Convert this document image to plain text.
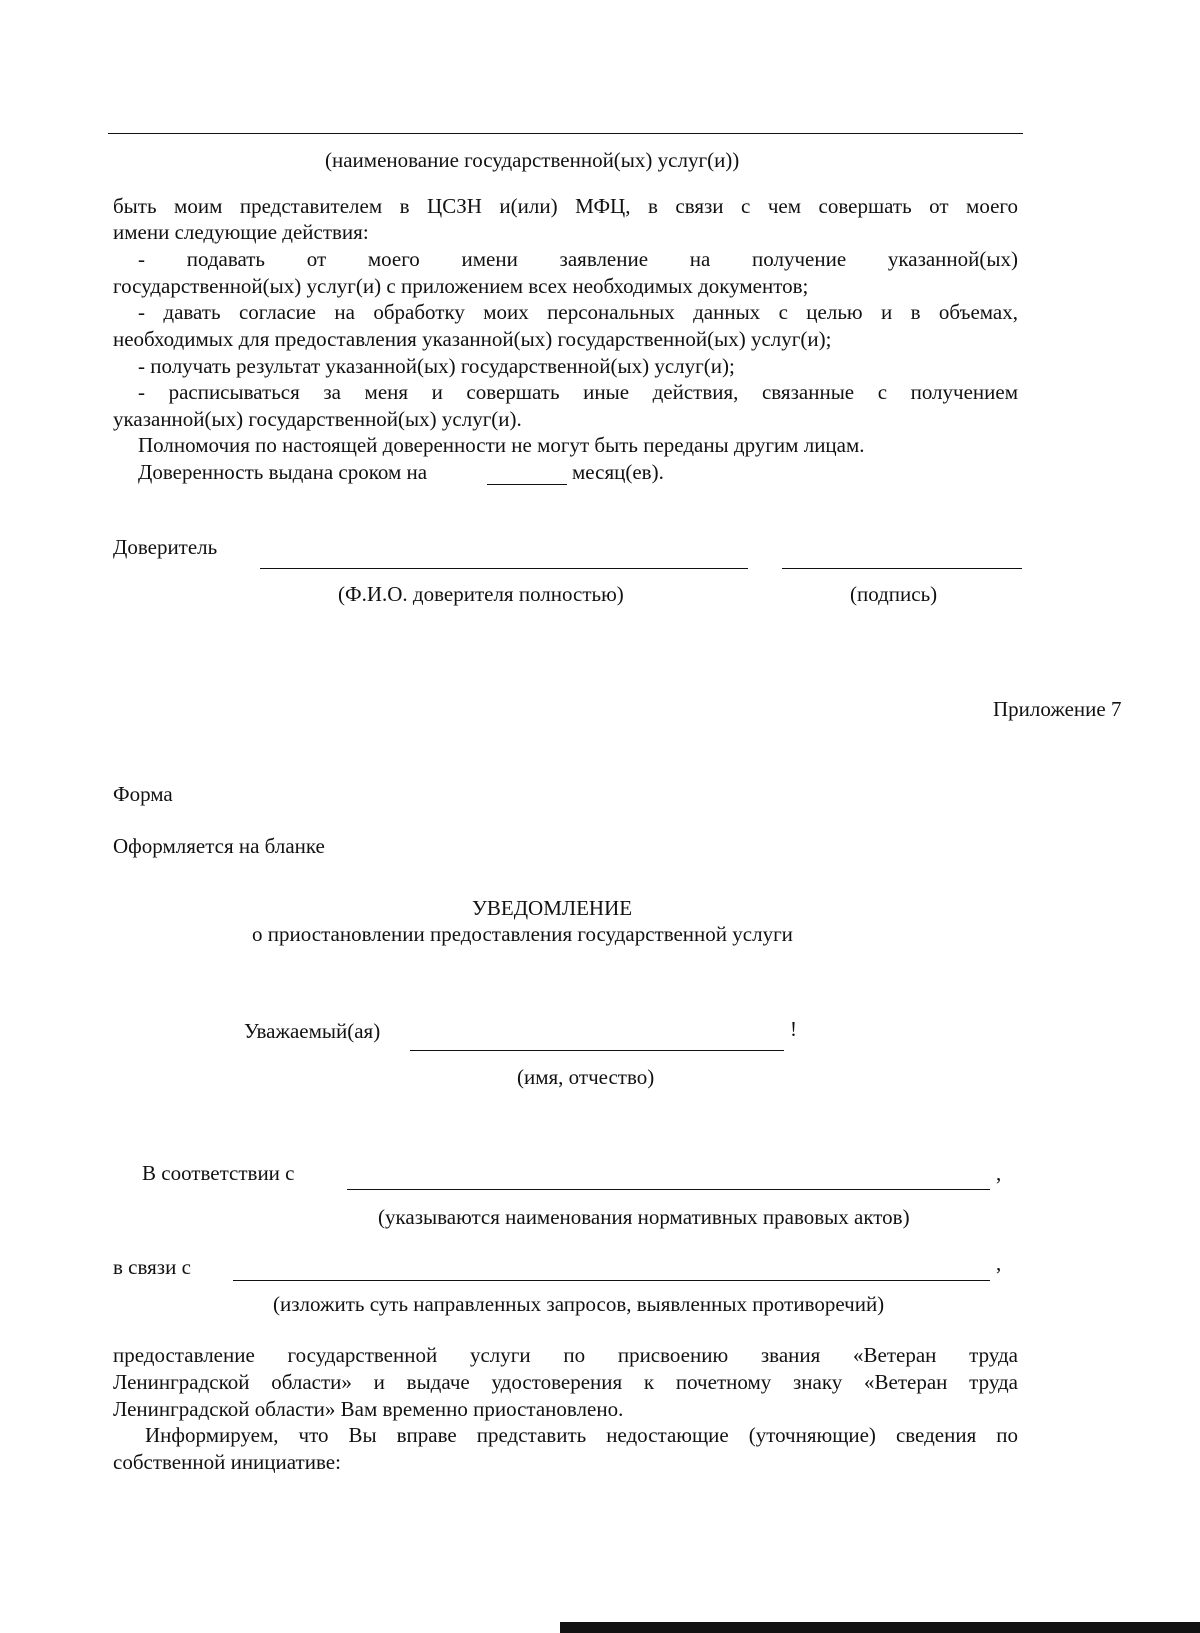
(наименование государственной(ых) услуг(и))
быть моим представителем в ЦСЗН и(или) МФЦ, в связи с чем совершать от моего
имени следующие действия:
- подавать от моего имени заявление на получение указанной(ых)
государственной(ых) услуг(и) с приложением всех необходимых документов;
- давать согласие на обработку моих персональных данных с целью и в объемах,
необходимых для предоставления указанной(ых) государственной(ых) услуг(и);
- получать результат указанной(ых) государственной(ых) услуг(и);
- расписываться за меня и совершать иные действия, связанные с получением
указанной(ых) государственной(ых) услуг(и).
Полномочия по настоящей доверенности не могут быть переданы другим лицам.
Доверенность выдана сроком на	месяц(ев).
Доверитель
(Ф.И.О. доверителя полностью)	(подпись)
Приложение 7
Форма
Оформляется на бланке
УВЕДОМЛЕНИЕ
о приостановлении предоставления государственной услуги
Уважаемый(ая)	!
(имя, отчество)
В соответствии с	,
(указываются наименования нормативных правовых актов)
в связи с	,
(изложить суть направленных запросов, выявленных противоречий)
предоставление государственной услуги по присвоению звания «Ветеран труда
Ленинградской области» и выдаче удостоверения к почетному знаку «Ветеран труда
Ленинградской области» Вам временно приостановлено.
Информируем, что Вы вправе представить недостающие (уточняющие) сведения по
собственной инициативе:
